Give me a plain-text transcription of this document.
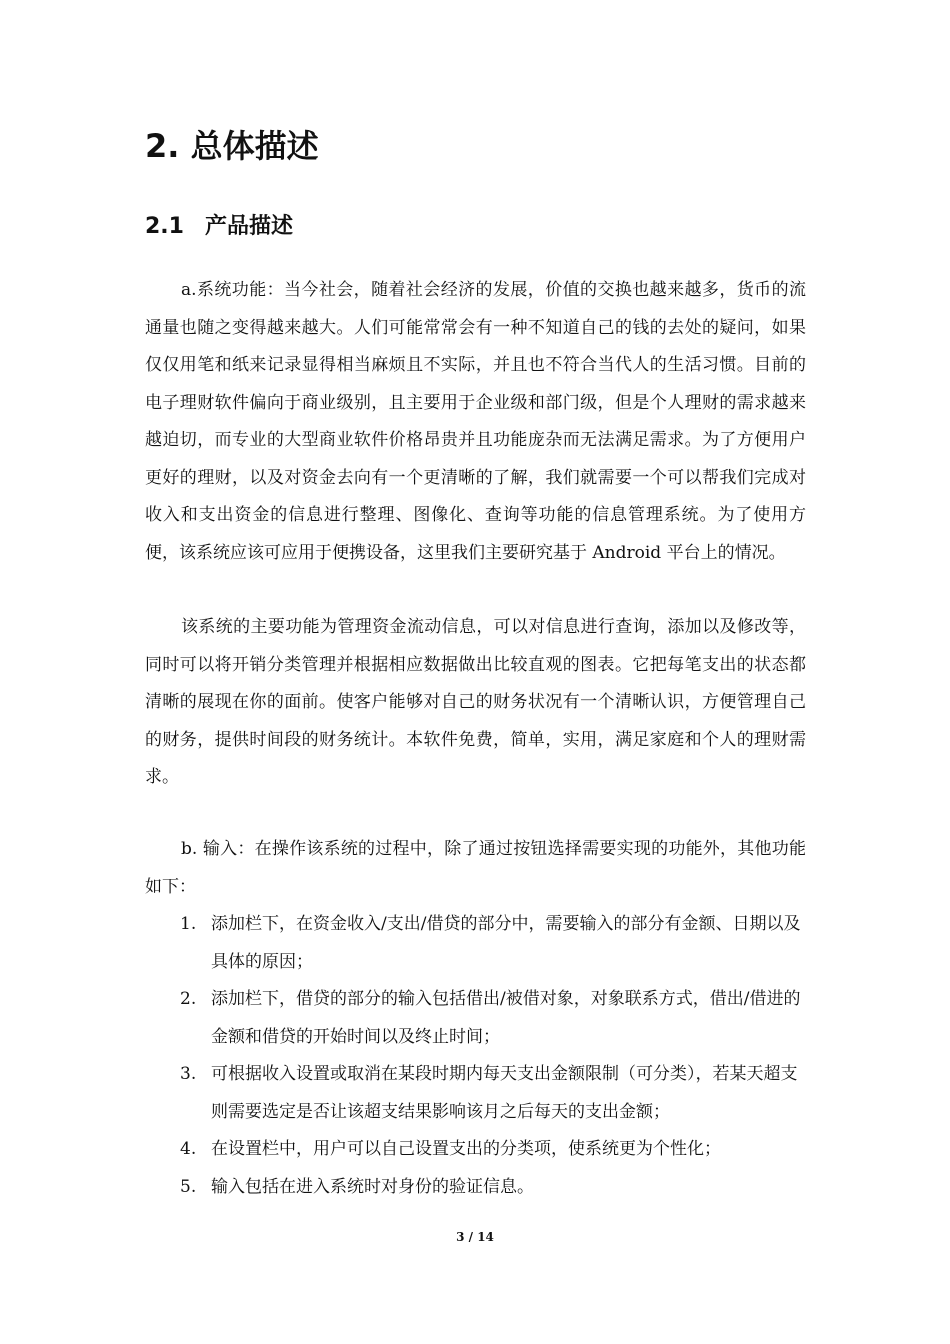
2. 总体描述
2.1 产品描述

a.系统功能：当今社会，随着社会经济的发展，价值的交换也越来越多，货币的流通量也随之变得越来越大。人们可能常常会有一种不知道自己的钱的去处的疑问，如果仅仅用笔和纸来记录显得相当麻烦且不实际，并且也不符合当代人的生活习惯。目前的电子理财软件偏向于商业级别，且主要用于企业级和部门级，但是个人理财的需求越来越迫切，而专业的大型商业软件价格昂贵并且功能庞杂而无法满足需求。为了方便用户更好的理财，以及对资金去向有一个更清晰的了解，我们就需要一个可以帮我们完成对收入和支出资金的信息进行整理、图像化、查询等功能的信息管理系统。为了使用方便，该系统应该可应用于便携设备，这里我们主要研究基于 Android 平台上的情况。

该系统的主要功能为管理资金流动信息，可以对信息进行查询，添加以及修改等，同时可以将开销分类管理并根据相应数据做出比较直观的图表。它把每笔支出的状态都清晰的展现在你的面前。使客户能够对自己的财务状况有一个清晰认识，方便管理自己的财务，提供时间段的财务统计。本软件免费，简单，实用，满足家庭和个人的理财需求。

b. 输入：在操作该系统的过程中，除了通过按钮选择需要实现的功能外，其他功能如下：

1. 添加栏下，在资金收入/支出/借贷的部分中，需要输入的部分有金额、日期以及具体的原因；
2. 添加栏下，借贷的部分的输入包括借出/被借对象，对象联系方式，借出/借进的金额和借贷的开始时间以及终止时间；
3. 可根据收入设置或取消在某段时期内每天支出金额限制（可分类），若某天超支则需要选定是否让该超支结果影响该月之后每天的支出金额；
4. 在设置栏中，用户可以自己设置支出的分类项，使系统更为个性化；
5. 输入包括在进入系统时对身份的验证信息。
3 / 14
